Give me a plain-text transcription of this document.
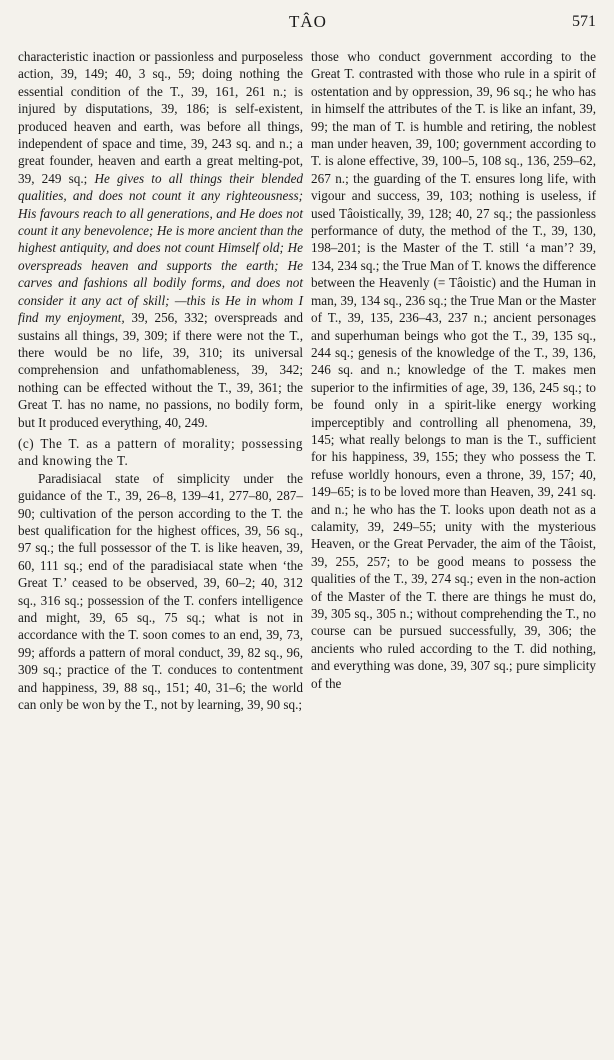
TÂO	571

characteristic inaction or passionless and purposeless action, 39, 149; 40, 3 sq., 59; doing nothing the essential condition of the T., 39, 161, 261 n.; is injured by disputations, 39, 186; is self-existent, produced heaven and earth, was before all things, independent of space and time, 39, 243 sq. and n.; a great founder, heaven and earth a great melting-pot, 39, 249 sq.; He gives to all things their blended qualities, and does not count it any righteousness; His favours reach to all generations, and He does not count it any benevolence; He is more ancient than the highest antiquity, and does not count Himself old; He overspreads heaven and supports the earth; He carves and fashions all bodily forms, and does not consider it any act of skill; —this is He in whom I find my enjoyment, 39, 256, 332; overspreads and sustains all things, 39, 309; if there were not the T., there would be no life, 39, 310; its universal comprehension and unfathomableness, 39, 342; nothing can be effected without the T., 39, 361; the Great T. has no name, no passions, no bodily form, but It produced everything, 40, 249.

(c) The T. as a pattern of morality; possessing and knowing the T.

Paradisiacal state of simplicity under the guidance of the T., 39, 26–8, 139–41, 277–80, 287–90; cultivation of the person according to the T. the best qualification for the highest offices, 39, 56 sq., 97 sq.; the full possessor of the T. is like heaven, 39, 60, 111 sq.; end of the paradisiacal state when ‘the Great T.’ ceased to be observed, 39, 60–2; 40, 312 sq., 316 sq.; possession of the T. confers intelligence and might, 39, 65 sq., 75 sq.; what is not in accordance with the T. soon comes to an end, 39, 73, 99; affords a pattern of moral conduct, 39, 82 sq., 96, 309 sq.; practice of the T. conduces to contentment and happiness, 39, 88 sq., 151; 40, 31–6; the world can only be won by the T., not by learning, 39, 90 sq.;

those who conduct government according to the Great T. contrasted with those who rule in a spirit of ostentation and by oppression, 39, 96 sq.; he who has in himself the attributes of the T. is like an infant, 39, 99; the man of T. is humble and retiring, the noblest man under heaven, 39, 100; government according to T. is alone effective, 39, 100–5, 108 sq., 136, 259–62, 267 n.; the guarding of the T. ensures long life, with vigour and success, 39, 103; nothing is useless, if used Tâoistically, 39, 128; 40, 27 sq.; the passionless performance of duty, the method of the T., 39, 130, 198–201; is the Master of the T. still ‘a man’? 39, 134, 234 sq.; the True Man of T. knows the difference between the Heavenly (= Tâoistic) and the Human in man, 39, 134 sq., 236 sq.; the True Man or the Master of T., 39, 135, 236–43, 237 n.; ancient personages and superhuman beings who got the T., 39, 135 sq., 244 sq.; genesis of the knowledge of the T., 39, 136, 246 sq. and n.; knowledge of the T. makes men superior to the infirmities of age, 39, 136, 245 sq.; to be found only in a spirit-like energy working imperceptibly and controlling all phenomena, 39, 145; what really belongs to man is the T., sufficient for his happiness, 39, 155; they who possess the T. refuse worldly honours, even a throne, 39, 157; 40, 149–65; is to be loved more than Heaven, 39, 241 sq. and n.; he who has the T. looks upon death not as a calamity, 39, 249–55; unity with the mysterious Heaven, or the Great Pervader, the aim of the Tâoist, 39, 255, 257; to be good means to possess the qualities of the T., 39, 274 sq.; even in the non-action of the Master of the T. there are things he must do, 39, 305 sq., 305 n.; without comprehending the T., no course can be pursued successfully, 39, 306; the ancients who ruled according to the T. did nothing, and everything was done, 39, 307 sq.; pure simplicity of the
